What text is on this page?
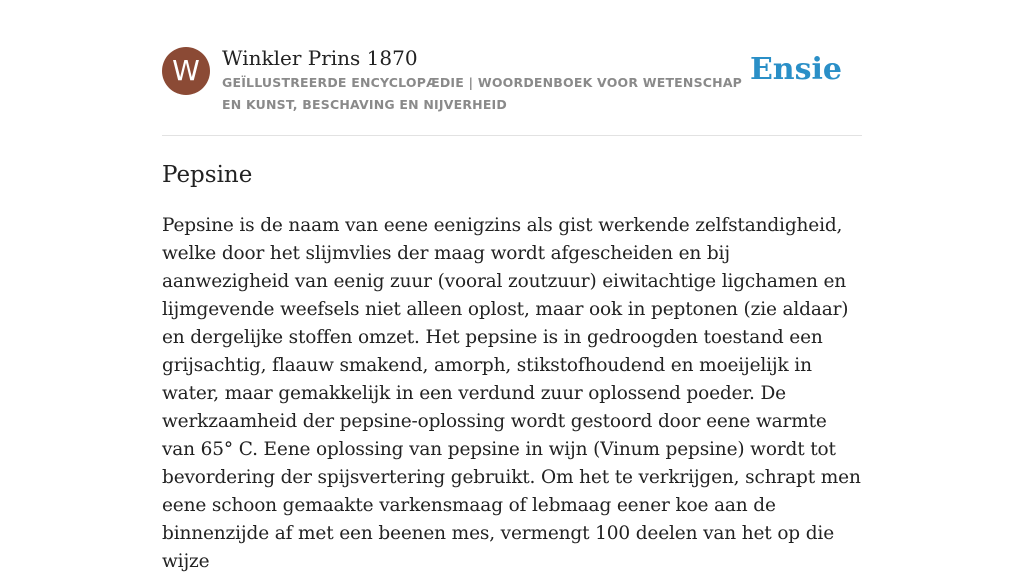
W	Winkler Prins 1870
GEÏLLUSTREERDE ENCYCLOPÆDIE | WOORDENBOEK VOOR WETENSCHAP EN KUNST, BESCHAVING EN NIJVERHEID
Ensie
Pepsine

Pepsine is de naam van eene eenigzins als gist werkende zelfstandigheid, welke door het slijmvlies der maag wordt afgescheiden en bij aanwezigheid van eenig zuur (vooral zoutzuur) eiwitachtige ligchamen en lijmgevende weefsels niet alleen oplost, maar ook in peptonen (zie aldaar) en dergelijke stoffen omzet. Het pepsine is in gedroogden toestand een grijsachtig, flaauw smakend, amorph, stikstofhoudend en moeijelijk in water, maar gemakkelijk in een verdund zuur oplossend poeder. De werkzaamheid der pepsine-oplossing wordt gestoord door eene warmte van 65° C. Eene oplossing van pepsine in wijn (Vinum pepsine) wordt tot bevordering der spijsvertering gebruikt. Om het te verkrijgen, schrapt men eene schoon gemaakte varkensmaag of lebmaag eener koe aan de binnenzijde af met een beenen mes, vermengt 100 deelen van het op die wijze
